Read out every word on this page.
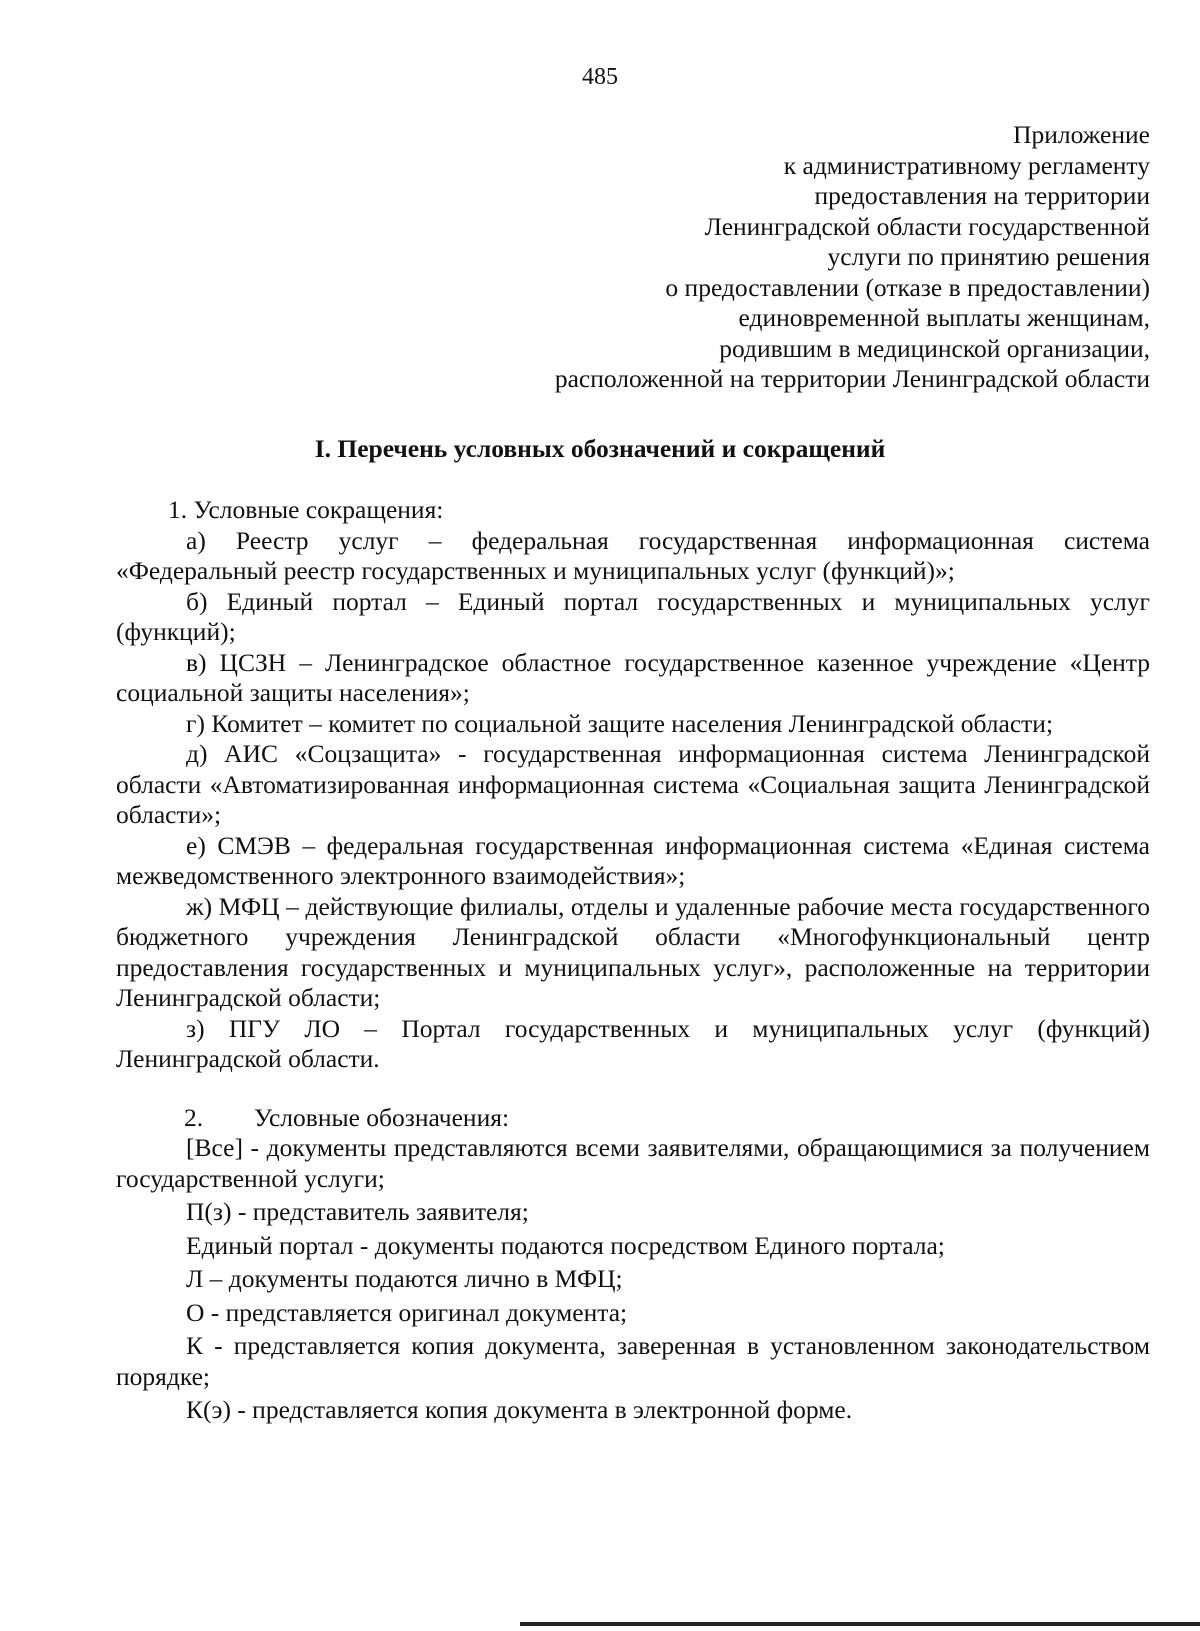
485
Приложение
к административному регламенту
предоставления на территории
Ленинградской области государственной
услуги по принятию решения
о предоставлении (отказе в предоставлении)
единовременной выплаты женщинам,
родившим в медицинской организации,
расположенной на территории Ленинградской области
I. Перечень условных обозначений и сокращений

1. Условные сокращения:

а) Реестр услуг – федеральная государственная информационная система «Федеральный реестр государственных и муниципальных услуг (функций)»;

б) Единый портал – Единый портал государственных и муниципальных услуг (функций);

в) ЦСЗН – Ленинградское областное государственное казенное учреждение «Центр социальной защиты населения»;

г) Комитет – комитет по социальной защите населения Ленинградской области;

д) АИС «Соцзащита» - государственная информационная система Ленинградской области «Автоматизированная информационная система «Социальная защита Ленинградской области»;

е) СМЭВ – федеральная государственная информационная система «Единая система межведомственного электронного взаимодействия»;

ж) МФЦ – действующие филиалы, отделы и удаленные рабочие места государственного бюджетного учреждения Ленинградской области «Многофункциональный центр предоставления государственных и муниципальных услуг», расположенные на территории Ленинградской области;

з) ПГУ ЛО – Портал государственных и муниципальных услуг (функций) Ленинградской области.

2. Условные обозначения:

[Все] - документы представляются всеми заявителями, обращающимися за получением государственной услуги;

П(з) - представитель заявителя;

Единый портал - документы подаются посредством Единого портала;

Л – документы подаются лично в МФЦ;

О - представляется оригинал документа;

К - представляется копия документа, заверенная в установленном законодательством порядке;

К(э) - представляется копия документа в электронной форме.
